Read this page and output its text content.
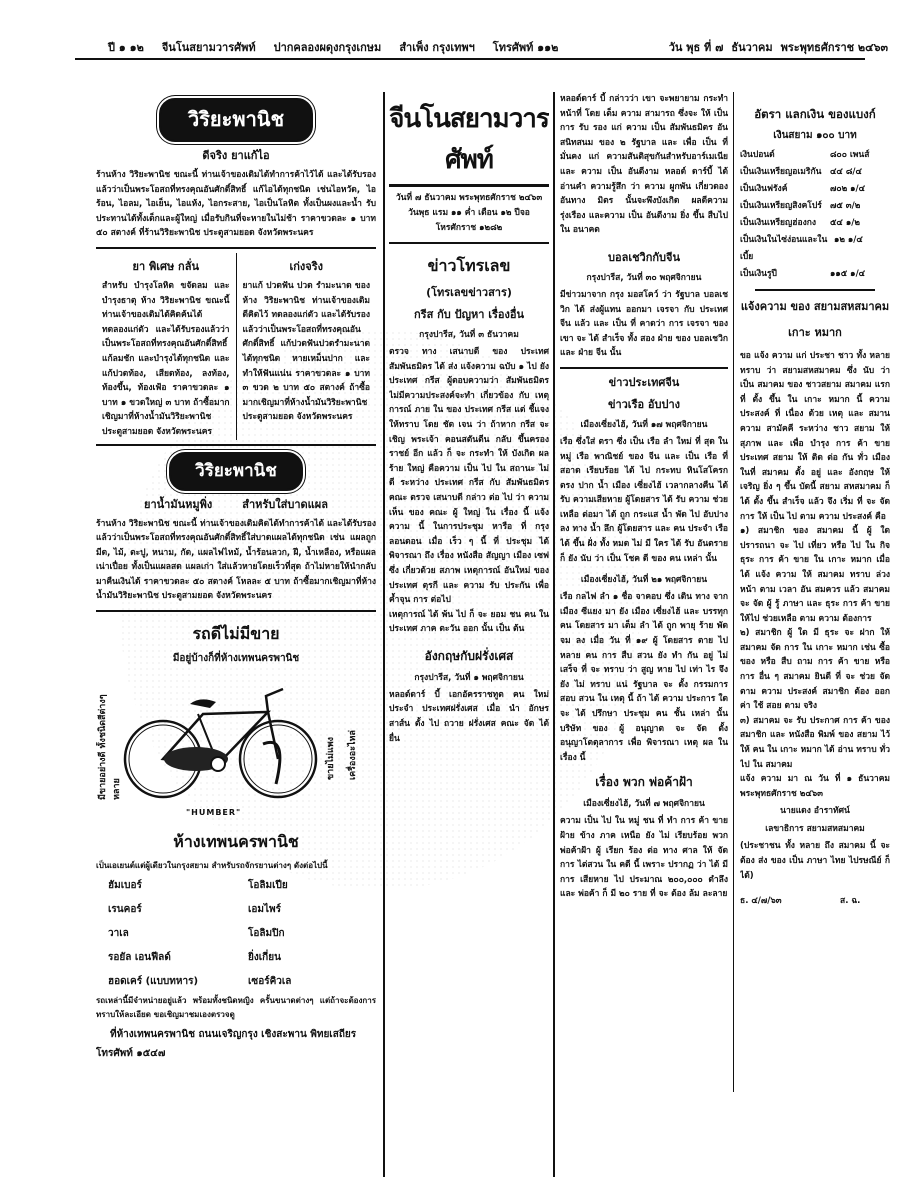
ปี ๑ ๑๒ จีนโนสยามวารศัพท์ ปากคลองผดุงกรุงเกษม สำเพ็ง กรุงเทพฯ โทรศัพท์ ๑๑๒	วัน พุธ ที่ ๗ ธันวาคม พระพุทธศักราช ๒๔๖๓
วิริยะพานิช
ดีจริง ยาแก้ไอ

ร้านห้าง วิริยะพานิช ขณะนี้ ท่านเจ้าของเดิมได้ทำการค้าไว้ได้ และได้รับรองแล้วว่าเป็นพระโอสถที่ทรงคุณอันศักดิ์สิทธิ์ แก้ไอได้ทุกชนิด เช่นไอหวัด, ไอร้อน, ไอลม, ไอเย็น, ไอแห้ง, ไอกระสาย, ไอเป็นโลหิต ทั้งเป็นผงและน้ำ รับประทานได้ทั้งเด็กและผู้ใหญ่ เมื่อรับกินที่จะหายในไม่ช้า ราคาขวดละ ๑ บาท ๕๐ สตางค์ ที่ร้านวิริยะพานิช ประตูสามยอด จังหวัดพระนคร

ยา พิเศษ กลั่น

สำหรับ บำรุงโลหิต ขจัดลม และ บำรุงธาตุ ห้าง วิริยะพานิช ขณะนี้ ท่านเจ้าของเดิมได้คิดค้นได้ ทดลองแก่ตัว และได้รับรองแล้วว่าเป็นพระโอสถที่ทรงคุณอันศักดิ์สิทธิ์ แก้ลมชัก และบำรุงได้ทุกชนิด และแก้ปวดท้อง, เสียดท้อง, ลงท้อง, ท้องขึ้น, ท้องเฟ้อ ราคาขวดละ ๑ บาท ๑ ขวดใหญ่ ๓ บาท ถ้าซื้อมากเชิญมาที่ห้างน้ำมันวิริยะพานิช ประตูสามยอด จังหวัดพระนคร

เก่งจริง

ยาแก้ ปวดฟัน ปวด รำมะนาด ของ ห้าง วิริยะพานิช ท่านเจ้าของเดิม ดีคิดไว้ ทดลองแก่ตัว และได้รับรองแล้วว่าเป็นพระโอสถที่ทรงคุณอันศักดิ์สิทธิ์ แก้ปวดฟันปวดรำมะนาดได้ทุกชนิด หายเหม็นปาก และทำให้ฟันแน่น ราคาขวดละ ๑ บาท ๓ ขวด ๒ บาท ๕๐ สตางค์ ถ้าซื้อมากเชิญมาที่ห้างน้ำมันวิริยะพานิช ประตูสามยอด จังหวัดพระนคร

วิริยะพานิช
ยาน้ำมันหมูพิ่ง	สำหรับใส่บาดแผล

ร้านห้าง วิริยะพานิช ขณะนี้ ท่านเจ้าของเดิมคิดได้ทำการค้าได้ และได้รับรองแล้วว่าเป็นพระโอสถที่ทรงคุณอันศักดิ์สิทธิ์ใส่บาดแผลได้ทุกชนิด เช่น แผลถูกมีด, ไม้, ตะปู, หนาม, กัด, แผลไฟไหม้, น้ำร้อนลวก, ฝี, น้ำเหลือง, หรือแผลเน่าเปื่อย ทั้งเป็นแผลสด แผลเก่า ใส่แล้วหายโดยเร็วที่สุด ถ้าไม่หายให้นำกลับมาคืนเงินได้ ราคาขวดละ ๕๐ สตางค์ โหลละ ๕ บาท ถ้าซื้อมากเชิญมาที่ห้างน้ำมันวิริยะพานิช ประตูสามยอด จังหวัดพระนคร

รถดีไม่มีขาย
มีอยู่บ้างก็ที่ห้างเทพนครพานิช
มีขายอย่างดี ทั้งชนิดสีต่างๆ หลาย
"HUMBER"
ขายไม่แพง เครื่องอะไหล่
ห้างเทพนครพานิช

เป็นเอเยนต์แต่ผู้เดียวในกรุงสยาม สำหรับรถจักรยานต่างๆ ดังต่อไปนี้

ฮัมเบอร์	โอลิมเปีย
เรนคอร์	เอมไพร์
วาเล	โอลิมปิก
รอยัล เอนฟีลด์	ยิ่งเกี่ยน
ฮอดเคร์ (แบบทหาร)	เซอร์คิวเล

รถเหล่านี้มีจำหน่ายอยู่แล้ว พร้อมทั้งชนิดหญิง ครั้นขนาดต่างๆ แต่ถ้าจะต้องการทราบให้ละเอียด ขอเชิญมาชมเองตรวจดู

ที่ห้างเทพนครพานิช ถนนเจริญกรุง เชิงสะพาน พิทยเสถียร
โทรศัพท์ ๑๕๔๗
จีนโนสยามวารศัพท์
วันที่ ๗ ธันวาคม พระพุทธศักราช ๒๔๖๓
วันพุธ แรม ๑๑ ค่ำ เดือน ๑๒ ปีจอ
โหรศักราช ๑๒๘๒
ข่าวโทรเลข
(โทรเลขข่าวสาร)
กรีส กับ ปัญหา เรื่องอื่น
กรุงปารีส, วันที่ ๓ ธันวาคม

ตรวจ ทาง เสนาบดี ของ ประเทศ สัมพันธมิตร ได้ ส่ง แจ้งความ ฉบับ ๑ ไป ยัง ประเทศ กรีส ผู้ตอบความว่า สัมพันธมิตร ไม่มีความประสงค์จะทำ เกี่ยวข้อง กับ เหตุ การณ์ ภาย ใน ของ ประเทศ กรีส แต่ ชี้แจงให้ทราบ โดย ชัด เจน ว่า ถ้าหาก กรีส จะ เชิญ พระเจ้า คอนสตันตีน กลับ ขึ้นครอง ราชย์ อีก แล้ว ก็ จะ กระทำ ให้ บังเกิด ผล ร้าย ใหญ่ คือความ เป็น ไป ใน สถานะ ไม่ ดี ระหว่าง ประเทศ กรีส กับ สัมพันธมิตร คณะ ตรวจ เสนาบดี กล่าว ต่อ ไป ว่า ความ เห็น ของ คณะ ผู้ ใหญ่ ใน เรื่อง นี้ แจ้ง ความ นี้ ในการประชุม หารือ ที่ กรุง ลอนดอน เมื่อ เร็ว ๆ นี้ ที่ ประชุม ได้ พิจารณา ถึง เรื่อง หนังสือ สัญญา เมือง เซฟ ซึ่ง เกี่ยวด้วย สภาพ เหตุการณ์ อันใหม่ ของ ประเทศ ตุรกี และ ความ รับ ประกัน เพื่อ ค้ำจุน การ ต่อไป

เหตุการณ์ ได้ พ้น ไป ก็ จะ ยอม ชน คน ใน ประเทศ ภาค ตะวัน ออก นั้น เป็น ต้น

อังกฤษกับฝรั่งเศส
กรุงปารีส, วันที่ ๑ พฤศจิกายน

หลอด์ดาร์ บี้ เอกอัครราชทูต คน ใหม่ ประจำ ประเทศฝรั่งเศส เมื่อ นำ อักษร สาส์น ตั้ง ไป ถวาย ฝรั่งเศส คณะ จัด ได้ ยื่น

หลอด์ดาร์ บี้ กล่าวว่า เขา จะพยายาม กระทำ หน้าที่ โดย เต็ม ความ สามารถ ซึ่งจะ ให้ เป็น การ รับ รอง แก่ ความ เป็น สัมพันธมิตร อันสนิทสนม ของ ๒ รัฐบาล และ เพื่อ เป็น ที่ มั่นคง แก่ ความสันติสุขกันสำหรับอาร์เมเนีย และ ความ เป็น อันดีงาม หลอด์ ดาร์บี้ ได้ อ่านคำ ความรู้สึก ว่า ความ ผูกพัน เกี่ยวดอง อันทาง มิตร นั้นจะพึงบังเกิด ผลดีความ รุ่งเรือง และความ เป็น อันดีงาม ยิ่ง ขึ้น สืบไป ใน อนาคต

บอลเชวิกกับจีน
กรุงปารีส, วันที่ ๓๐ พฤศจิกายน

มีข่าวมาจาก กรุง มอสโคว์ ว่า รัฐบาล บอลเชวิก ได้ ส่งผู้แทน ออกมา เจรจา กับ ประเทศ จีน แล้ว และ เป็น ที่ คาดว่า การ เจรจา ของเขา จะ ได้ สำเร็จ ทั้ง สอง ฝ่าย ของ บอลเชวิก และ ฝ่าย จีน นั้น

ข่าวประเทศจีน
ข่าวเรือ อับปาง
เมืองเซี่ยงไฮ้, วันที่ ๑๗ พฤศจิกายน

เรือ ซึ่งใส่ ตรา ซึ่ง เป็น เรือ ลำ ใหม่ ที่ สุด ใน หมู่ เรือ พาณิชย์ ของ จีน และ เป็น เรือ ที่ สอาด เรียบร้อย ได้ ไป กระทบ หินโสโครก ตรง ปาก น้ำ เมือง เซี่ยงไฮ้ เวลากลางคืน ได้ รับ ความเสียหาย ผู้โดยสาร ได้ รับ ความ ช่วย เหลือ ต่อมา ได้ ถูก กระแส น้ำ พัด ไป อับปาง ลง ทาง น้ำ ลึก ผู้โดยสาร และ คน ประจำ เรือ ได้ ขึ้น ฝั่ง ทั้ง หมด ไม่ มี ใคร ได้ รับ อันตราย ก็ ยัง นับ ว่า เป็น โชค ดี ของ คน เหล่า นั้น

เมืองเซี่ยงไฮ้, วันที่ ๒๑ พฤศจิกายน

เรือ กลไฟ ลำ ๑ ชื่อ จาคอบ ซึ่ง เดิน ทาง จาก เมือง ซีแยง มา ยัง เมือง เซี่ยงไฮ้ และ บรรทุก คน โดยสาร มา เต็ม ลำ ได้ ถูก พายุ ร้าย พัด จม ลง เมื่อ วัน ที่ ๑๙ ผู้ โดยสาร ตาย ไป หลาย คน การ สืบ สวน ยัง ทำ กัน อยู่ ไม่ เสร็จ ที่ จะ ทราบ ว่า สูญ หาย ไป เท่า ไร จึง ยัง ไม่ ทราบ แน่ รัฐบาล จะ ตั้ง กรรมการ สอบ สวน ใน เหตุ นี้ ถ้า ได้ ความ ประการ ใด จะ ได้ ปรึกษา ประชุม คน ชั้น เหล่า นั้น บริษัท ของ ผู้ อนุญาต จะ จัด ตั้ง อนุญาโตตุลาการ เพื่อ พิจารณา เหตุ ผล ใน เรื่อง นี้

เรื่อง พวก พ่อค้าฝ้า
เมืองเซี่ยงไฮ้, วันที่ ๗ พฤศจิกายน

ความ เป็น ไป ใน หมู่ ชน ที่ ทำ การ ค้า ขาย ฝ้าย ข้าง ภาค เหนือ ยัง ไม่ เรียบร้อย พวก พ่อค้าฝ้า ผู้ เรียก ร้อง ต่อ ทาง ศาล ให้ จัด การ ไต่สวน ใน คดี นี้ เพราะ ปรากฏ ว่า ได้ มี การ เสียหาย ไป ประมาณ ๒๐๐,๐๐๐ ตำลึง และ พ่อค้า ก็ มี ๒๐ ราย ที่ จะ ต้อง ล้ม ละลาย

อัตรา แลกเงิน ของแบงก์
เงินสยาม ๑๐๐ บาท
เงินปอนด์	๘๐๐ เพนส์
เป็นเงินเหรียญอเมริกัน ๔๔ ๘/๔
เป็นเงินฟรังค์	๗๐๒ ๑/๔
เป็นเงินเหรียญสิงคโปร์ ๗๕ ๓/๒
เป็นเงินเหรียญฮ่องกง ๕๔ ๑/๒
เป็นเงินในไซ่ง่อนและในเบี้ย
๑๒ ๑/๔
เป็นเงินรูปี	๑๑๕ ๑/๔
แจ้งความ ของ สยามสหสมาคม
เกาะ หมาก

ขอ แจ้ง ความ แก่ ประชา ชาว ทั้ง หลาย ทราบ ว่า สยามสหสมาคม ซึ่ง นับ ว่า เป็น สมาคม ของ ชาวสยาม สมาคม แรก ที่ ตั้ง ขึ้น ใน เกาะ หมาก นี้ ความ ประสงค์ ที่ เนื่อง ด้วย เหตุ และ สมาน ความ สามัคคี ระหว่าง ชาว สยาม ให้ สุภาพ และ เพื่อ บำรุง การ ค้า ขาย ประเทศ สยาม ให้ ติด ต่อ กัน ทั่ว เมือง ในที่ สมาคม ตั้ง อยู่ และ อังกฤษ ให้ เจริญ ยิ่ง ๆ ขึ้น บัดนี้ สยาม สหสมาคม ก็ ได้ ตั้ง ขึ้น สำเร็จ แล้ว จึง เริ่ม ที่ จะ จัด การ ให้ เป็น ไป ตาม ความ ประสงค์ คือ

๑) สมาชิก ของ สมาคม นี้ ผู้ ใด ปรารถนา จะ ไป เที่ยว หรือ ไป ใน กิจ ธุระ การ ค้า ขาย ใน เกาะ หมาก เมื่อ ได้ แจ้ง ความ ให้ สมาคม ทราบ ล่วง หน้า ตาม เวลา อัน สมควร แล้ว สมาคม จะ จัด ผู้ รู้ ภาษา และ ธุระ การ ค้า ขาย ให้ไป ช่วยเหลือ ตาม ความ ต้องการ

๒) สมาชิก ผู้ ใด มี ธุระ จะ ฝาก ให้ สมาคม จัด การ ใน เกาะ หมาก เช่น ซื้อ ของ หรือ สืบ ถาม การ ค้า ขาย หรือ การ อื่น ๆ สมาคม ยินดี ที่ จะ ช่วย จัด ตาม ความ ประสงค์ สมาชิก ต้อง ออก ค่า ใช้ สอย ตาม จริง

๓) สมาคม จะ รับ ประกาศ การ ค้า ของ สมาชิก และ หนังสือ พิมพ์ ของ สยาม ไว้ ให้ คน ใน เกาะ หมาก ได้ อ่าน ทราบ ทั่ว ไป ใน สมาคม

แจ้ง ความ มา ณ วัน ที่ ๑ ธันวาคม พระพุทธศักราช ๒๔๖๓

นายแดง อำราทัศน์
เลขาธิการ สยามสหสมาคม

(ประชาชน ทั้ง หลาย ถึง สมาคม นี้ จะ ต้อง ส่ง ของ เป็น ภาษา ไทย ไปรษณีย์ ก็ ได้)

ธ. ๔/๗/๖๓	ส. ฉ.
